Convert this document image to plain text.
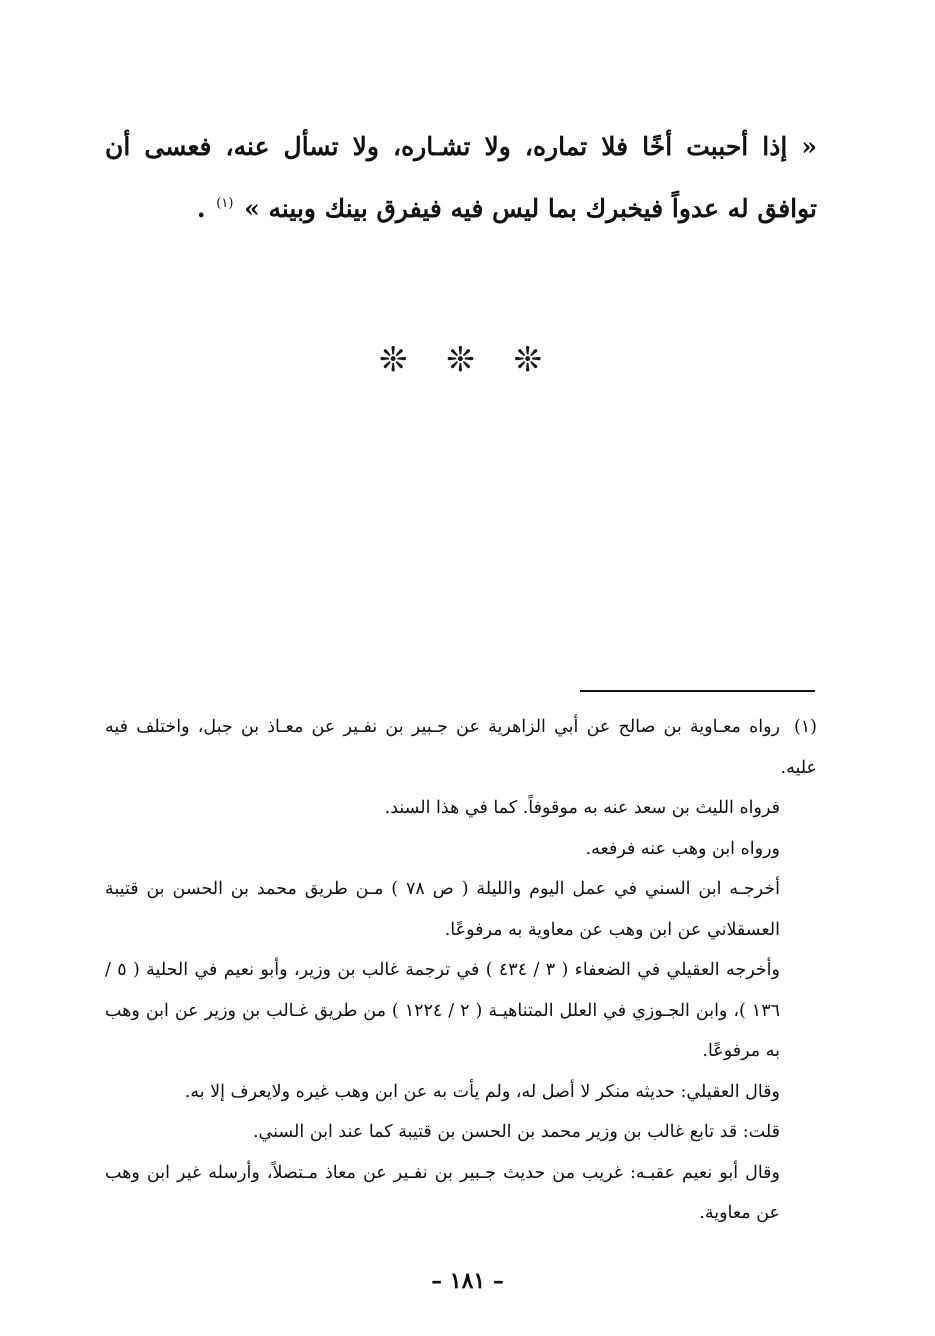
« إذا أحببت أخًا فلا تماره، ولا تشـاره، ولا تسأل عنه، فعسى أن توافق له عدواً فيخبرك بما ليس فيه فيفرق بينك وبينه » $^{(١)}$ .
❊ ❊ ❊

(١)رواه معـاوية بن صالح عن أبي الزاهرية عن جـبير بن نفـير عن معـاذ بن جبل، واختلف فيه عليه.

فرواه الليث بن سعد عنه به موقوفاً. كما في هذا السند.

ورواه ابن وهب عنه فرفعه.

أخرجـه ابن السني في عمل اليوم والليلة ( ص ٧٨ ) مـن طريق محمد بن الحسن بن قتيبة العسقلاني عن ابن وهب عن معاوية به مرفوعًا.

وأخرجه العقيلي في الضعفاء ( ٣ / ٤٣٤ ) في ترجمة غالب بن وزير، وأبو نعيم في الحلية ( ٥ / ١٣٦ )، وابن الجـوزي في العلل المتناهيـة ( ٢ / ١٢٢٤ ) من طريق غـالب بن وزير عن ابن وهب به مرفوعًا.

وقال العقيلي: حديثه منكر لا أصل له، ولم يأت به عن ابن وهب غيره ولايعرف إلا به.

قلت: قد تابع غالب بن وزير محمد بن الحسن بن قتيبة كما عند ابن السني.

وقال أبو نعيم عقبـه: غريب من حديث جـبير بن نفـير عن معاذ مـتصلاً، وأرسله غير ابن وهب عن معاوية.

– ١٨١ –
